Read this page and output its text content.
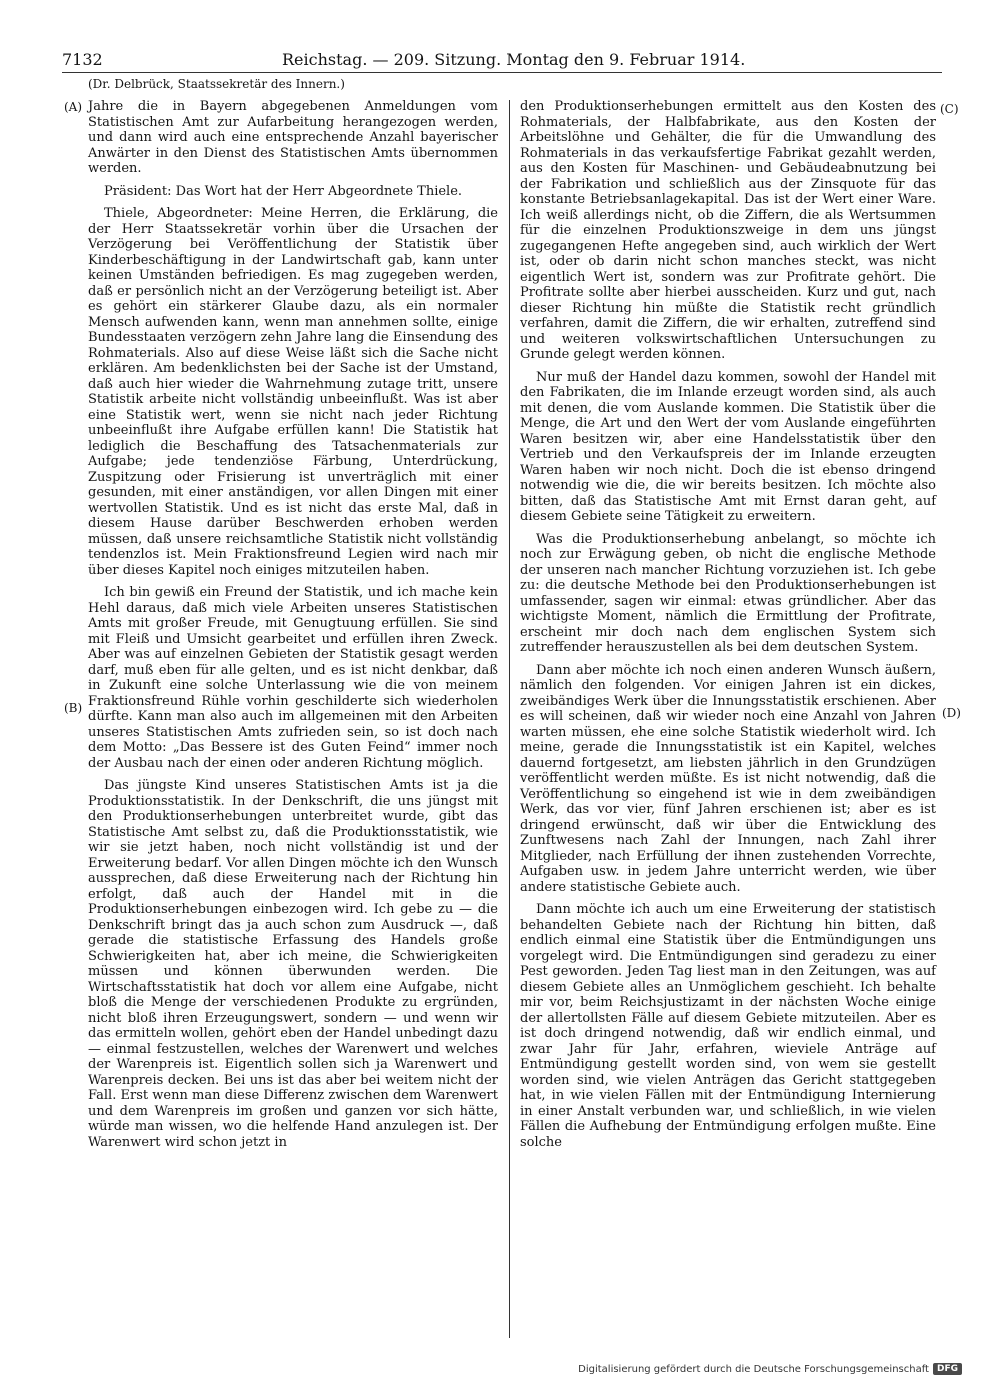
7132	Reichstag. — 209. Sitzung. Montag den 9. Februar 1914.
(Dr. Delbrück, Staatssekretär des Innern.)
(A)
(B)
(C)
(D)

Jahre die in Bayern abgegebenen Anmeldungen vom Statistischen Amt zur Aufarbeitung herangezogen werden, und dann wird auch eine entsprechende Anzahl bayerischer Anwärter in den Dienst des Statistischen Amts übernommen werden.

Präsident: Das Wort hat der Herr Abgeordnete Thiele.

Thiele, Abgeordneter: Meine Herren, die Erklärung, die der Herr Staatssekretär vorhin über die Ursachen der Verzögerung bei Veröffentlichung der Statistik über Kinderbeschäftigung in der Landwirtschaft gab, kann unter keinen Umständen befriedigen. Es mag zugegeben werden, daß er persönlich nicht an der Verzögerung beteiligt ist. Aber es gehört ein stärkerer Glaube dazu, als ein normaler Mensch aufwenden kann, wenn man annehmen sollte, einige Bundesstaaten verzögern zehn Jahre lang die Einsendung des Rohmaterials. Also auf diese Weise läßt sich die Sache nicht erklären. Am bedenklichsten bei der Sache ist der Umstand, daß auch hier wieder die Wahrnehmung zutage tritt, unsere Statistik arbeite nicht vollständig unbeeinflußt. Was ist aber eine Statistik wert, wenn sie nicht nach jeder Richtung unbeeinflußt ihre Aufgabe erfüllen kann! Die Statistik hat lediglich die Beschaffung des Tatsachenmaterials zur Aufgabe; jede tendenziöse Färbung, Unterdrückung, Zuspitzung oder Frisierung ist unverträglich mit einer gesunden, mit einer anständigen, vor allen Dingen mit einer wertvollen Statistik. Und es ist nicht das erste Mal, daß in diesem Hause darüber Beschwerden erhoben werden müssen, daß unsere reichsamtliche Statistik nicht vollständig tendenzlos ist. Mein Fraktionsfreund Legien wird nach mir über dieses Kapitel noch einiges mitzuteilen haben.

Ich bin gewiß ein Freund der Statistik, und ich mache kein Hehl daraus, daß mich viele Arbeiten unseres Statistischen Amts mit großer Freude, mit Genugtuung erfüllen. Sie sind mit Fleiß und Umsicht gearbeitet und erfüllen ihren Zweck. Aber was auf einzelnen Gebieten der Statistik gesagt werden darf, muß eben für alle gelten, und es ist nicht denkbar, daß in Zukunft eine solche Unterlassung wie die von meinem Fraktionsfreund Rühle vorhin geschilderte sich wiederholen dürfte. Kann man also auch im allgemeinen mit den Arbeiten unseres Statistischen Amts zufrieden sein, so ist doch nach dem Motto: „Das Bessere ist des Guten Feind“ immer noch der Ausbau nach der einen oder anderen Richtung möglich.

Das jüngste Kind unseres Statistischen Amts ist ja die Produktionsstatistik. In der Denkschrift, die uns jüngst mit den Produktionserhebungen unterbreitet wurde, gibt das Statistische Amt selbst zu, daß die Produktionsstatistik, wie wir sie jetzt haben, noch nicht vollständig ist und der Erweiterung bedarf. Vor allen Dingen möchte ich den Wunsch aussprechen, daß diese Erweiterung nach der Richtung hin erfolgt, daß auch der Handel mit in die Produktionserhebungen einbezogen wird. Ich gebe zu — die Denkschrift bringt das ja auch schon zum Ausdruck —, daß gerade die statistische Erfassung des Handels große Schwierigkeiten hat, aber ich meine, die Schwierigkeiten müssen und können überwunden werden. Die Wirtschaftsstatistik hat doch vor allem eine Aufgabe, nicht bloß die Menge der verschiedenen Produkte zu ergründen, nicht bloß ihren Erzeugungswert, sondern — und wenn wir das ermitteln wollen, gehört eben der Handel unbedingt dazu — einmal festzustellen, welches der Warenwert und welches der Warenpreis ist. Eigentlich sollen sich ja Warenwert und Warenpreis decken. Bei uns ist das aber bei weitem nicht der Fall. Erst wenn man diese Differenz zwischen dem Warenwert und dem Warenpreis im großen und ganzen vor sich hätte, würde man wissen, wo die helfende Hand anzulegen ist. Der Warenwert wird schon jetzt in

den Produktionserhebungen ermittelt aus den Kosten des Rohmaterials, der Halbfabrikate, aus den Kosten der Arbeitslöhne und Gehälter, die für die Umwandlung des Rohmaterials in das verkaufsfertige Fabrikat gezahlt werden, aus den Kosten für Maschinen- und Gebäudeabnutzung bei der Fabrikation und schließlich aus der Zinsquote für das konstante Betriebsanlagekapital. Das ist der Wert einer Ware. Ich weiß allerdings nicht, ob die Ziffern, die als Wertsummen für die einzelnen Produktionszweige in dem uns jüngst zugegangenen Hefte angegeben sind, auch wirklich der Wert ist, oder ob darin nicht schon manches steckt, was nicht eigentlich Wert ist, sondern was zur Profitrate gehört. Die Profitrate sollte aber hierbei ausscheiden. Kurz und gut, nach dieser Richtung hin müßte die Statistik recht gründlich verfahren, damit die Ziffern, die wir erhalten, zutreffend sind und weiteren volkswirtschaftlichen Untersuchungen zu Grunde gelegt werden können.

Nur muß der Handel dazu kommen, sowohl der Handel mit den Fabrikaten, die im Inlande erzeugt worden sind, als auch mit denen, die vom Auslande kommen. Die Statistik über die Menge, die Art und den Wert der vom Auslande eingeführten Waren besitzen wir, aber eine Handelsstatistik über den Vertrieb und den Verkaufspreis der im Inlande erzeugten Waren haben wir noch nicht. Doch die ist ebenso dringend notwendig wie die, die wir bereits besitzen. Ich möchte also bitten, daß das Statistische Amt mit Ernst daran geht, auf diesem Gebiete seine Tätigkeit zu erweitern.

Was die Produktionserhebung anbelangt, so möchte ich noch zur Erwägung geben, ob nicht die englische Methode der unseren nach mancher Richtung vorzuziehen ist. Ich gebe zu: die deutsche Methode bei den Produktionserhebungen ist umfassender, sagen wir einmal: etwas gründlicher. Aber das wichtigste Moment, nämlich die Ermittlung der Profitrate, erscheint mir doch nach dem englischen System sich zutreffender herauszustellen als bei dem deutschen System.

Dann aber möchte ich noch einen anderen Wunsch äußern, nämlich den folgenden. Vor einigen Jahren ist ein dickes, zweibändiges Werk über die Innungsstatistik erschienen. Aber es will scheinen, daß wir wieder noch eine Anzahl von Jahren warten müssen, ehe eine solche Statistik wiederholt wird. Ich meine, gerade die Innungsstatistik ist ein Kapitel, welches dauernd fortgesetzt, am liebsten jährlich in den Grundzügen veröffentlicht werden müßte. Es ist nicht notwendig, daß die Veröffentlichung so eingehend ist wie in dem zweibändigen Werk, das vor vier, fünf Jahren erschienen ist; aber es ist dringend erwünscht, daß wir über die Entwicklung des Zunftwesens nach Zahl der Innungen, nach Zahl ihrer Mitglieder, nach Erfüllung der ihnen zustehenden Vorrechte, Aufgaben usw. in jedem Jahre unterricht werden, wie über andere statistische Gebiete auch.

Dann möchte ich auch um eine Erweiterung der statistisch behandelten Gebiete nach der Richtung hin bitten, daß endlich einmal eine Statistik über die Entmündigungen uns vorgelegt wird. Die Entmündigungen sind geradezu zu einer Pest geworden. Jeden Tag liest man in den Zeitungen, was auf diesem Gebiete alles an Unmöglichem geschieht. Ich behalte mir vor, beim Reichsjustizamt in der nächsten Woche einige der allertollsten Fälle auf diesem Gebiete mitzuteilen. Aber es ist doch dringend notwendig, daß wir endlich einmal, und zwar Jahr für Jahr, erfahren, wieviele Anträge auf Entmündigung gestellt worden sind, von wem sie gestellt worden sind, wie vielen Anträgen das Gericht stattgegeben hat, in wie vielen Fällen mit der Entmündigung Internierung in einer Anstalt verbunden war, und schließlich, in wie vielen Fällen die Aufhebung der Entmündigung erfolgen mußte. Eine solche

Digitalisierung gefördert durch die Deutsche Forschungsgemeinschaft DFG
